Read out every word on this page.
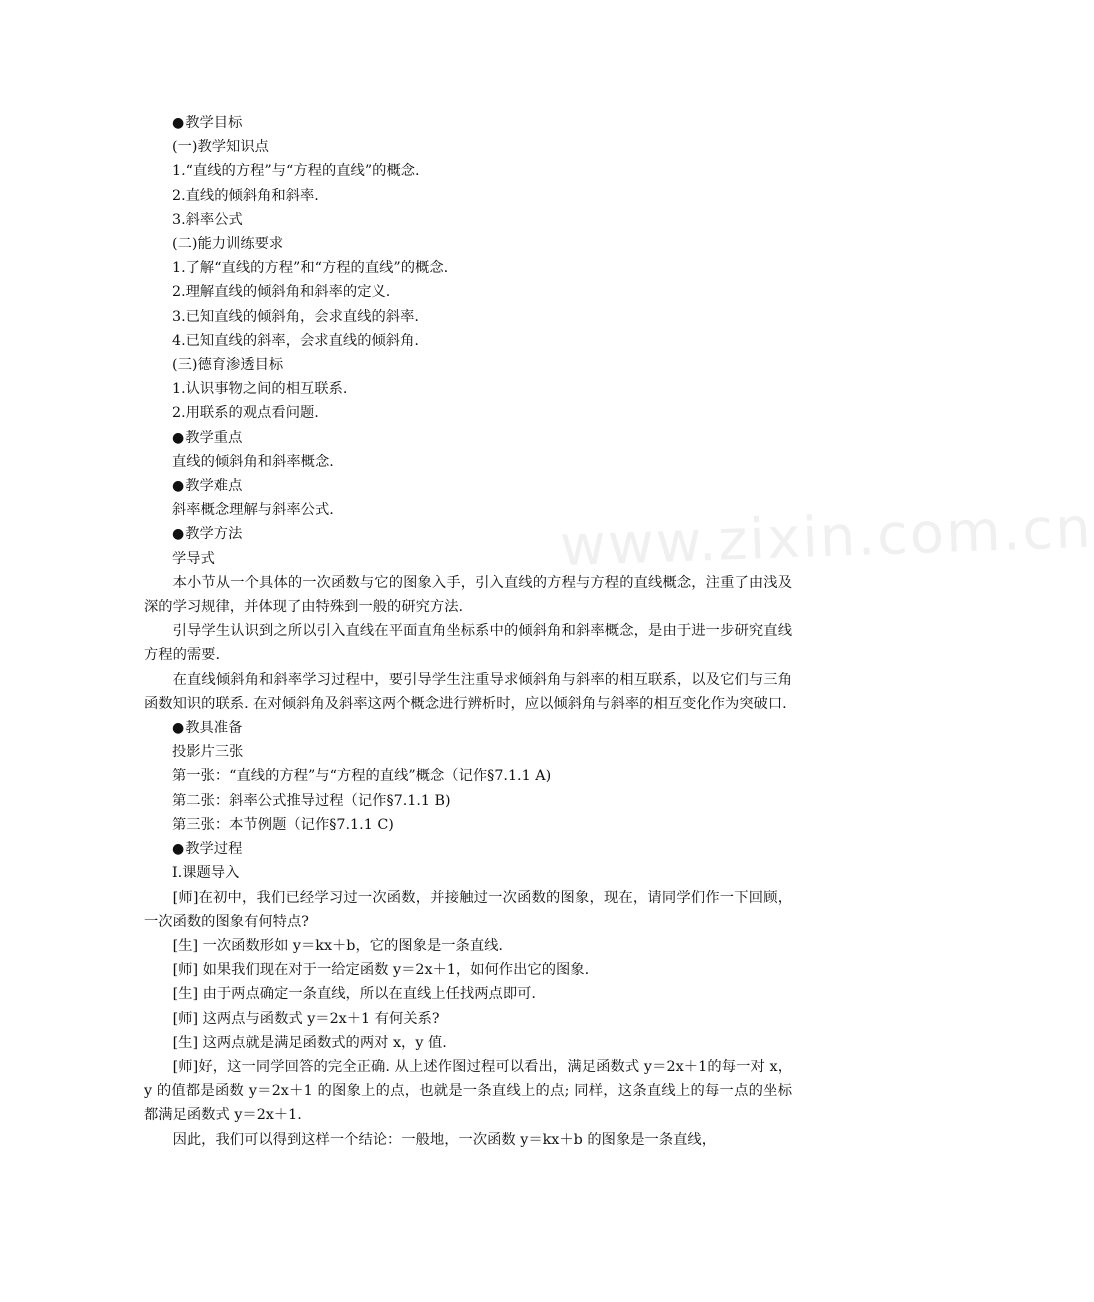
www.zixin.com.cn

●教学目标

(一)教学知识点

1.“直线的方程”与“方程的直线”的概念.

2.直线的倾斜角和斜率.

3.斜率公式

(二)能力训练要求

1.了解“直线的方程”和“方程的直线”的概念.

2.理解直线的倾斜角和斜率的定义.

3.已知直线的倾斜角，会求直线的斜率.

4.已知直线的斜率，会求直线的倾斜角.

(三)德育渗透目标

1.认识事物之间的相互联系.

2.用联系的观点看问题.

●教学重点

直线的倾斜角和斜率概念.

●教学难点

斜率概念理解与斜率公式.

●教学方法

学导式

本小节从一个具体的一次函数与它的图象入手，引入直线的方程与方程的直线概念，注重了由浅及深的学习规律，并体现了由特殊到一般的研究方法.

引导学生认识到之所以引入直线在平面直角坐标系中的倾斜角和斜率概念，是由于进一步研究直线方程的需要.

在直线倾斜角和斜率学习过程中，要引导学生注重导求倾斜角与斜率的相互联系，以及它们与三角函数知识的联系. 在对倾斜角及斜率这两个概念进行辨析时，应以倾斜角与斜率的相互变化作为突破口.

●教具准备

投影片三张

第一张：“直线的方程”与“方程的直线”概念（记作§7.1.1 A)

第二张：斜率公式推导过程（记作§7.1.1 B)

第三张：本节例题（记作§7.1.1 C)

●教学过程

Ⅰ.课题导入

[师]在初中，我们已经学习过一次函数，并接触过一次函数的图象，现在，请同学们作一下回顾，一次函数的图象有何特点?

[生] 一次函数形如 y＝kx＋b，它的图象是一条直线.

[师] 如果我们现在对于一给定函数 y＝2x＋1，如何作出它的图象.

[生] 由于两点确定一条直线，所以在直线上任找两点即可.

[师] 这两点与函数式 y＝2x＋1 有何关系?

[生] 这两点就是满足函数式的两对 x，y 值.

[师]好，这一同学回答的完全正确. 从上述作图过程可以看出，满足函数式 y＝2x＋1的每一对 x，y 的值都是函数 y＝2x＋1 的图象上的点，也就是一条直线上的点; 同样，这条直线上的每一点的坐标都满足函数式 y＝2x＋1.

因此，我们可以得到这样一个结论：一般地，一次函数 y＝kx＋b 的图象是一条直线，
